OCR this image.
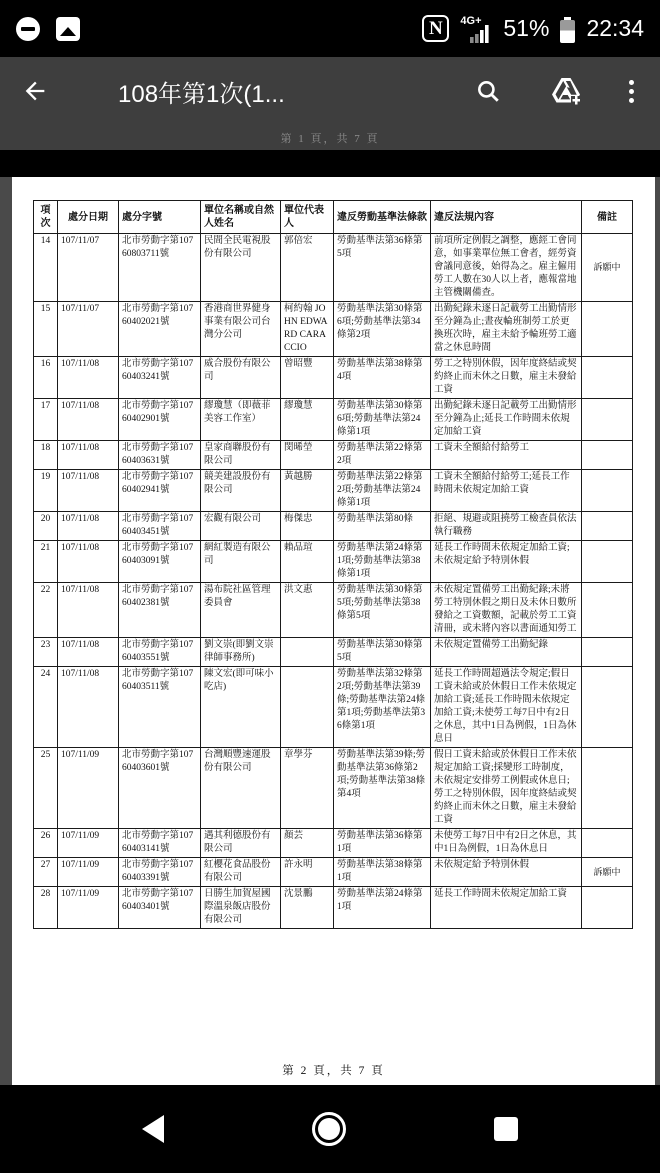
N	4G+ 51% 22:34
108年第1次(1...
第 1 頁，共 7 頁
項次	處分日期	處分字號	單位名稱或自然人姓名	單位代表人	違反勞動基準法條款	違反法規內容	備註
14	107/11/07	北市勞動字第10760803711號	民間全民電視股份有限公司	郭倍宏	勞動基準法第36條第5項	前項所定例假之調整，應經工會同意，如事業單位無工會者，經勞資會議同意後，始得為之。雇主僱用勞工人數在30人以上者，應報當地主管機關備查。	訴願中
15	107/11/07	北市勞動字第10760402021號	香港商世界健身事業有限公司台灣分公司	柯約翰 JOHN EDWARD CARACCIO	勞動基準法第30條第6項;勞動基準法第34條第2項	出勤紀錄未逐日記載勞工出勤情形至分鐘為止;晝夜輪班制勞工於更換班次時，雇主未給予輪班勞工適當之休息時間	
16	107/11/08	北市勞動字第10760403241號	威合股份有限公司	曾昭豐	勞動基準法第38條第4項	勞工之特別休假，因年度終結或契約終止而未休之日數，雇主未發給工資	
17	107/11/08	北市勞動字第10760402901號	繆瓊慧（即薇菲美容工作室）	繆瓊慧	勞動基準法第30條第6項;勞動基準法第24條第1項	出勤紀錄未逐日記載勞工出勤情形至分鐘為止;延長工作時間未依規定加給工資	
18	107/11/08	北市勞動字第10760403631號	皇家商聯股份有限公司	閔晞塋	勞動基準法第22條第2項	工資未全額給付給勞工	
19	107/11/08	北市勞動字第10760402941號	競美建設股份有限公司	黃越勝	勞動基準法第22條第2項;勞動基準法第24條第1項	工資未全額給付給勞工;延長工作時間未依規定加給工資	
20	107/11/08	北市勞動字第10760403451號	宏觀有限公司	梅傑忠	勞動基準法第80條	拒絕、規避或阻撓勞工檢查員依法執行職務	
21	107/11/08	北市勞動字第10760403091號	網紅製造有限公司	賴品瑄	勞動基準法第24條第1項;勞動基準法第38條第1項	延長工作時間未依規定加給工資;未依規定給予特別休假	
22	107/11/08	北市勞動字第10760402381號	湯布院社區管理委員會	洪文惠	勞動基準法第30條第5項;勞動基準法第38條第5項	未依規定置備勞工出勤紀錄;未將勞工特別休假之期日及未休日數所發給之工資數額，記載於勞工工資清冊，或未將內容以書面通知勞工	
23	107/11/08	北市勞動字第10760403551號	劉文崇(即劉文崇律師事務所)		勞動基準法第30條第5項	未依規定置備勞工出勤紀錄	
24	107/11/08	北市勞動字第10760403511號	陳文宏(即可味小吃店)		勞動基準法第32條第2項;勞動基準法第39條;勞動基準法第24條第1項;勞動基準法第36條第1項	延長工作時間超過法令規定;假日工資未給或於休假日工作未依規定加給工資;延長工作時間未依規定加給工資;未使勞工每7日中有2日之休息，其中1日為例假，1日為休息日	
25	107/11/09	北市勞動字第10760403601號	台灣順豐速運股份有限公司	章學芬	勞動基準法第39條;勞動基準法第36條第2項;勞動基準法第38條第4項	假日工資未給或於休假日工作未依規定加給工資;採變形工時制度，未依規定安排勞工例假或休息日;勞工之特別休假，因年度終結或契約終止而未休之日數，雇主未發給工資	
26	107/11/09	北市勞動字第10760403141號	遇其利德股份有限公司	顏芸	勞動基準法第36條第1項	未使勞工每7日中有2日之休息，其中1日為例假，1日為休息日	
27	107/11/09	北市勞動字第10760403391號	紅櫻花食品股份有限公司	許永明	勞動基準法第38條第1項	未依規定給予特別休假	訴願中
28	107/11/09	北市勞動字第10760403401號	日勝生加賀屋國際溫泉飯店股份有限公司	沈景鵬	勞動基準法第24條第1項	延長工作時間未依規定加給工資	
第 2 頁，共 7 頁
